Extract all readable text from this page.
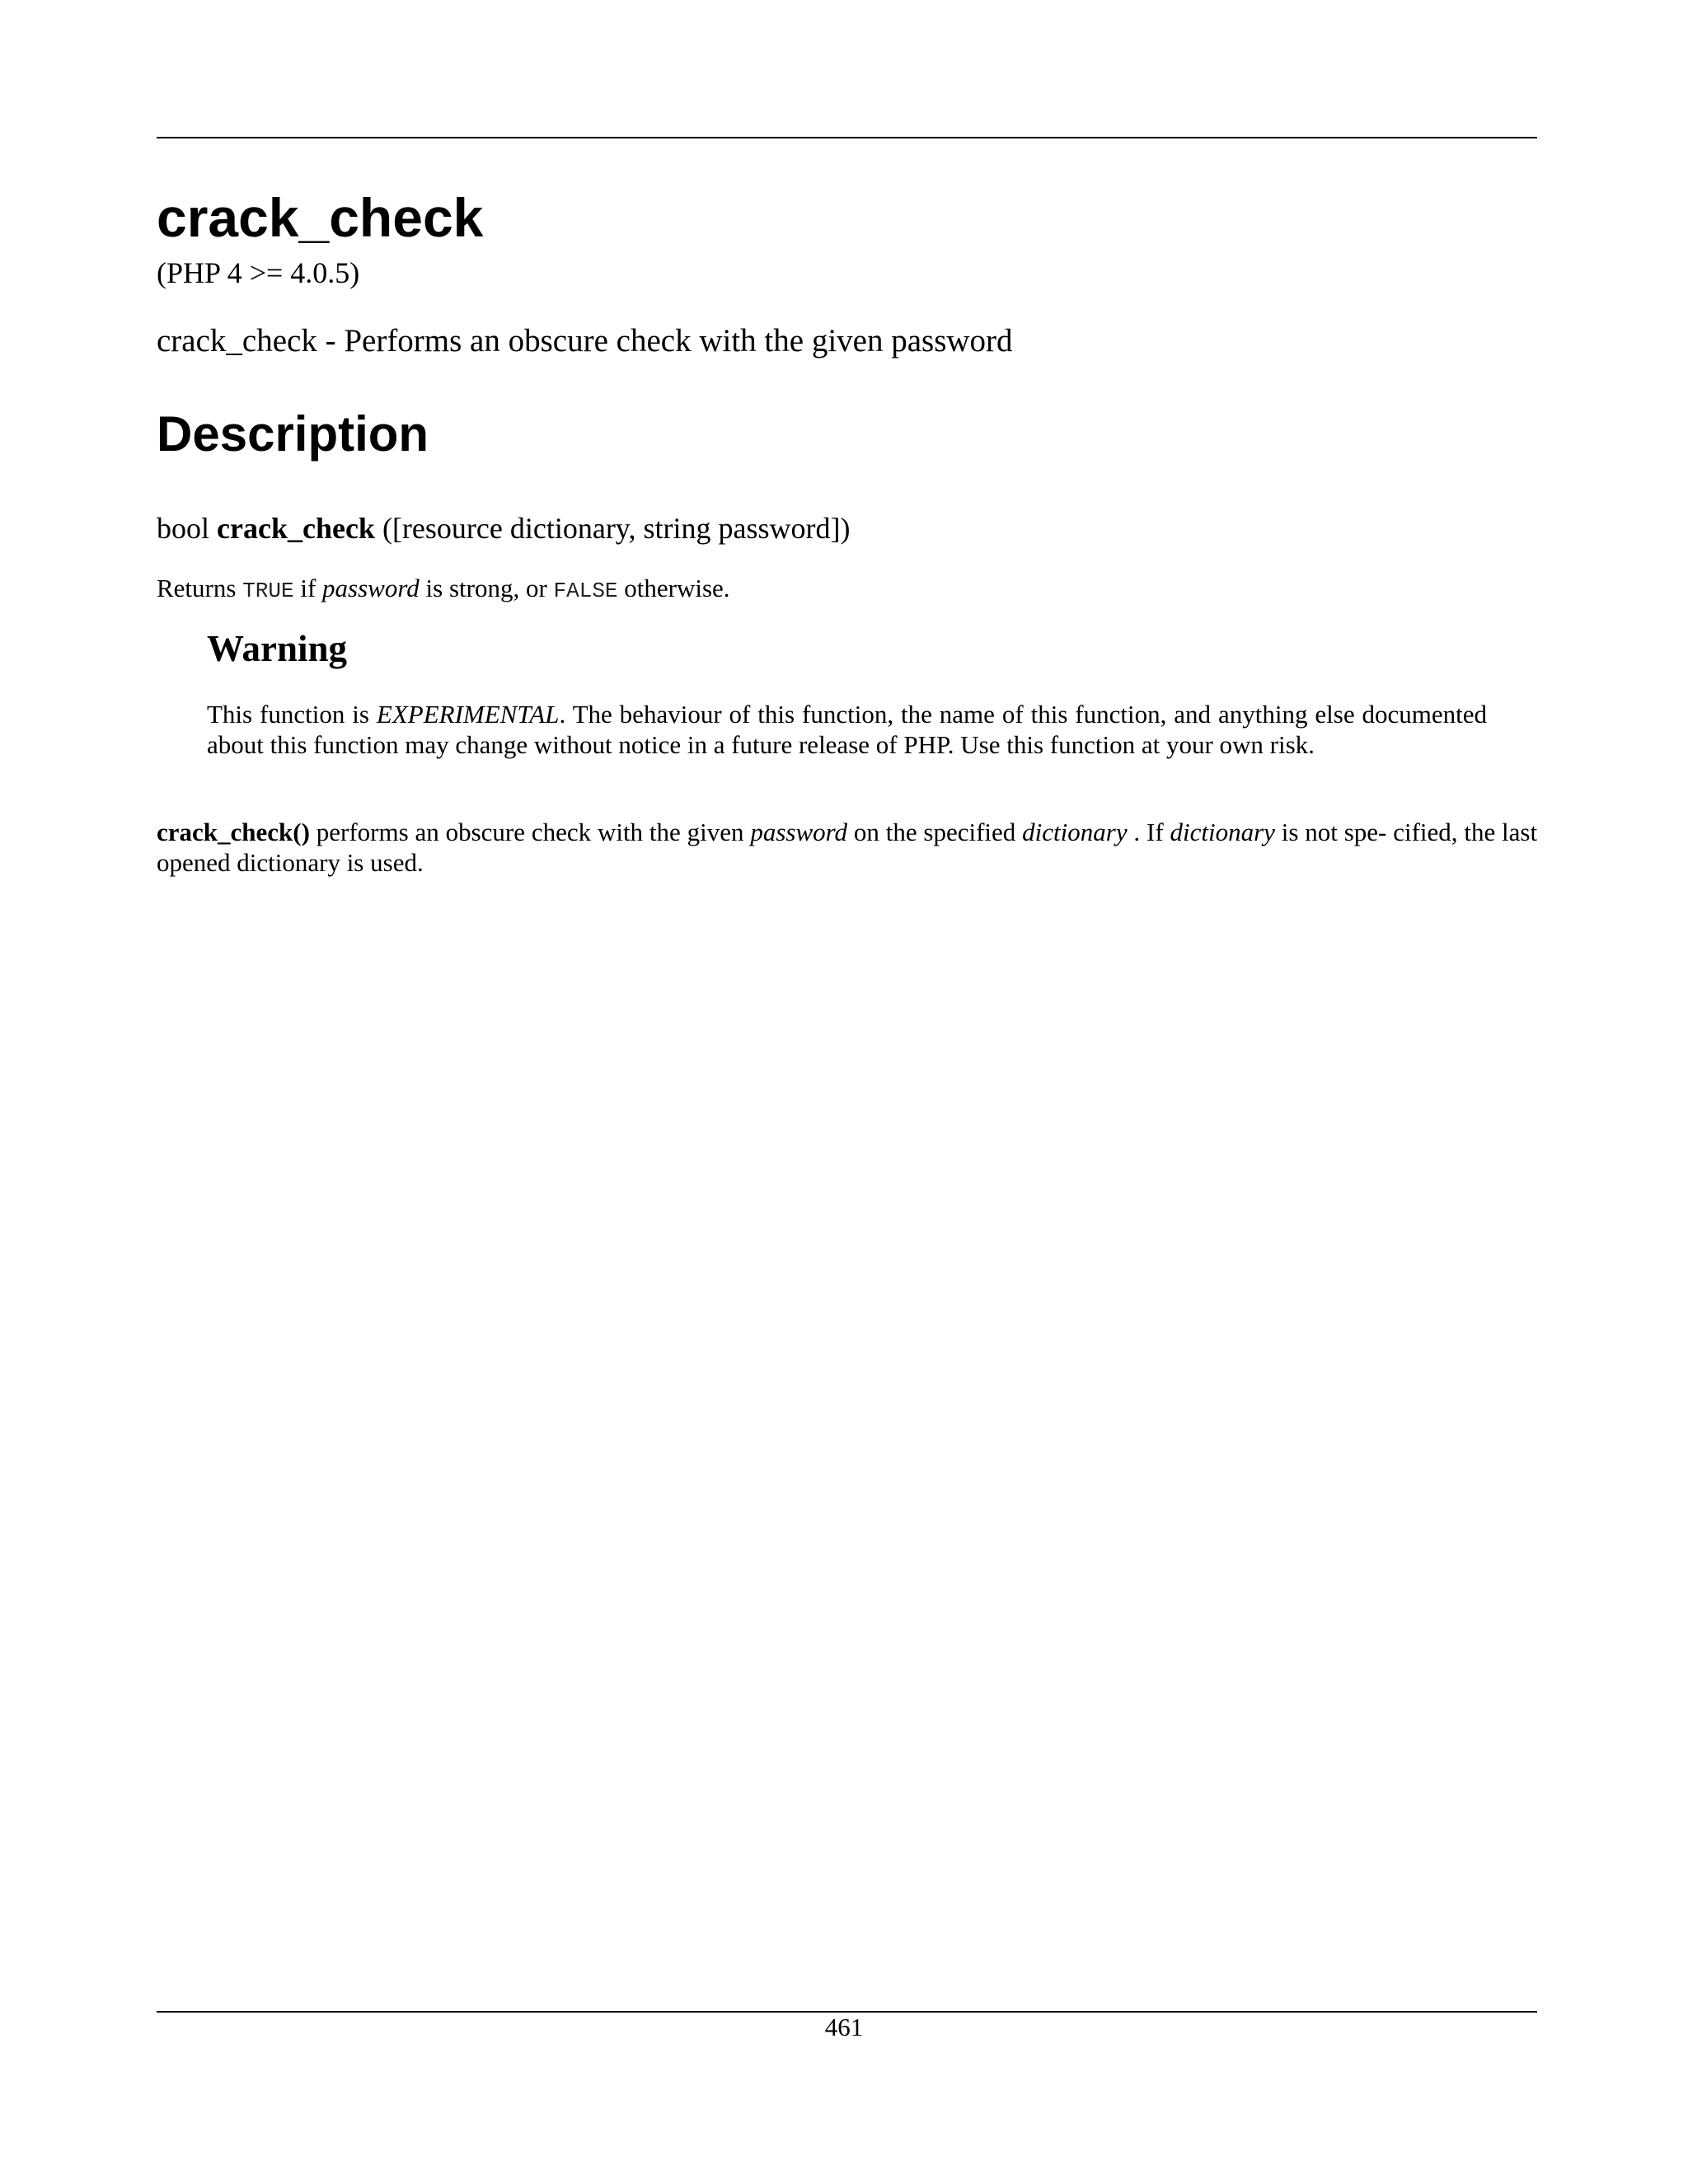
crack_check
(PHP 4 >= 4.0.5)
crack_check - Performs an obscure check with the given password
Description
bool crack_check ([resource dictionary, string password])
Returns TRUE if password is strong, or FALSE otherwise.
Warning
This function is EXPERIMENTAL. The behaviour of this function, the name of this function, and anything else documented about this function may change without notice in a future release of PHP. Use this function at your own risk.
crack_check() performs an obscure check with the given password on the specified dictionary . If dictionary is not spe- cified, the last opened dictionary is used.
461
